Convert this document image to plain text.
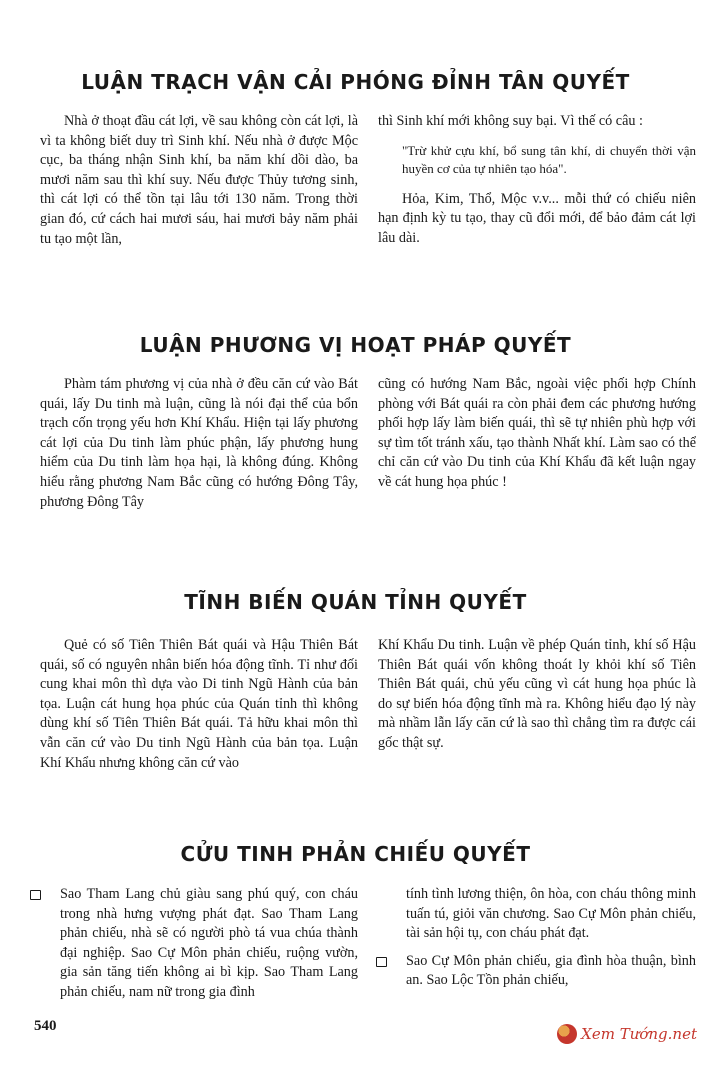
LUẬN TRẠCH VẬN CẢI PHÓNG ĐỈNH TÂN QUYẾT

Nhà ở thoạt đầu cát lợi, về sau không còn cát lợi, là vì ta không biết duy trì Sinh khí. Nếu nhà ở được Mộc cục, ba tháng nhận Sinh khí, ba năm khí dồi dào, ba mươi năm sau thì khí suy. Nếu được Thủy tương sinh, thì cát lợi có thể tồn tại lâu tới 130 năm. Trong thời gian đó, cứ cách hai mươi sáu, hai mươi bảy năm phải tu tạo một lần,

thì Sinh khí mới không suy bại. Vì thế có câu :

"Trừ khử cựu khí, bổ sung tân khí, di chuyển thời vận huyền cơ của tự nhiên tạo hóa".

Hỏa, Kim, Thổ, Mộc v.v... mỗi thứ có chiếu niên hạn định kỳ tu tạo, thay cũ đổi mới, để bảo đảm cát lợi lâu dài.

LUẬN PHƯƠNG VỊ HOẠT PHÁP QUYẾT

Phàm tám phương vị của nhà ở đều căn cứ vào Bát quái, lấy Du tinh mà luận, cũng là nói đại thể của bổn trạch cốn trọng yếu hơn Khí Khẩu. Hiện tại lấy phương cát lợi của Du tinh làm phúc phận, lấy phương hung hiểm của Du tinh làm họa hại, là không đúng. Không hiểu rằng phương Nam Bắc cũng có hướng Đông Tây, phương Đông Tây

cũng có hướng Nam Bắc, ngoài việc phối hợp Chính phòng với Bát quái ra còn phải đem các phương hướng phối hợp lấy làm biến quái, thì sẽ tự nhiên phù hợp với sự tìm tốt tránh xấu, tạo thành Nhất khí. Làm sao có thể chỉ căn cứ vào Du tinh của Khí Khẩu đã kết luận ngay về cát hung họa phúc !

TĨNH BIẾN QUÁN TỈNH QUYẾT

Quẻ có số Tiên Thiên Bát quái và Hậu Thiên Bát quái, số có nguyên nhân biến hóa động tĩnh. Tỉ như đối cung khai môn thì dựa vào Di tinh Ngũ Hành của bản tọa. Luận cát hung họa phúc của Quán tỉnh thì không dùng khí số Tiên Thiên Bát quái. Tả hữu khai môn thì vẫn căn cứ vào Du tinh Ngũ Hành của bản tọa. Luận Khí Khẩu nhưng không căn cứ vào

Khí Khẩu Du tinh. Luận về phép Quán tỉnh, khí số Hậu Thiên Bát quái vốn không thoát ly khỏi khí số Tiên Thiên Bát quái, chủ yếu cũng vì cát hung họa phúc là do sự biến hóa động tĩnh mà ra. Không hiểu đạo lý này mà nhầm lẫn lấy căn cứ là sao thì chẳng tìm ra được cái gốc thật sự.

CỬU TINH PHẢN CHIẾU QUYẾT

Sao Tham Lang chủ giàu sang phú quý, con cháu trong nhà hưng vượng phát đạt. Sao Tham Lang phản chiếu, nhà sẽ có người phò tá vua chúa thành đại nghiệp. Sao Cự Môn phản chiếu, ruộng vườn, gia sản tăng tiến không ai bì kịp. Sao Tham Lang phản chiếu, nam nữ trong gia đình

tính tình lương thiện, ôn hòa, con cháu thông minh tuấn tú, giỏi văn chương. Sao Cự Môn phản chiếu, tài sản hội tụ, con cháu phát đạt.

Sao Cự Môn phản chiếu, gia đình hòa thuận, bình an. Sao Lộc Tồn phản chiếu,

540	Xem Tướng.net
